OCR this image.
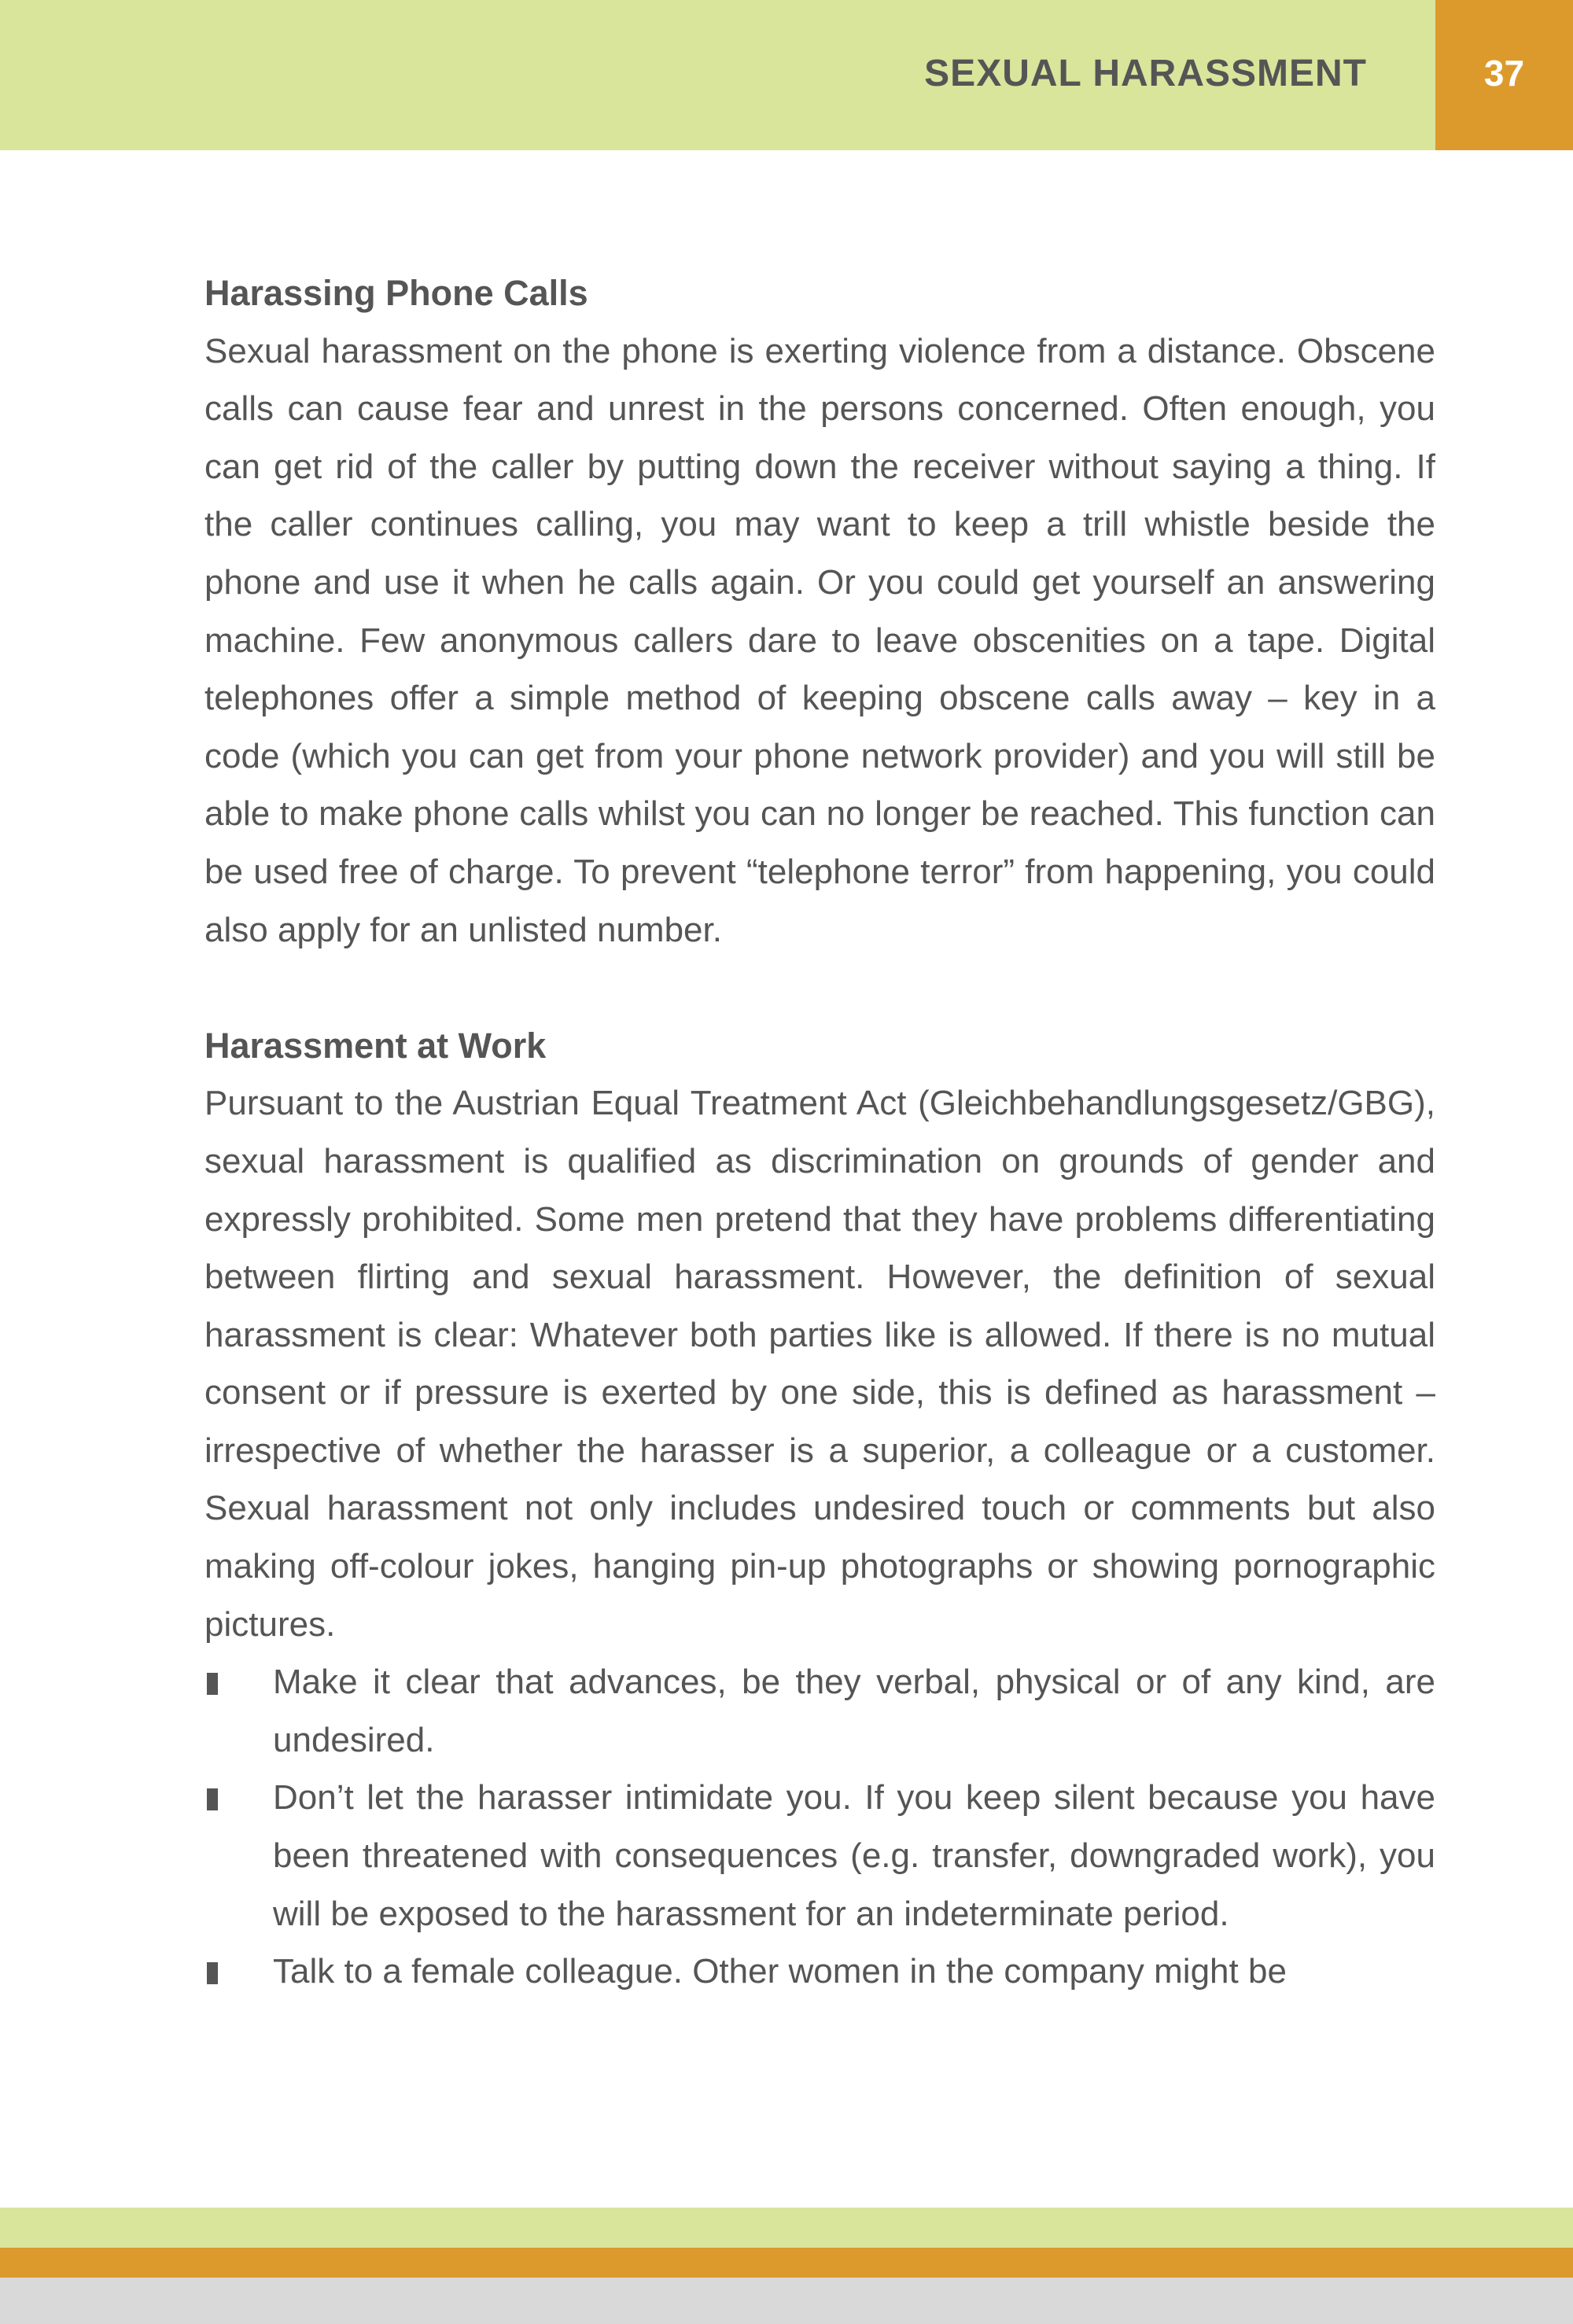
SEXUAL HARASSMENT	37
Harassing Phone Calls

Sexual harassment on the phone is exerting violence from a distance. Obscene calls can cause fear and unrest in the persons concerned. Often enough, you can get rid of the caller by putting down the receiver without saying a thing. If the caller continues calling, you may want to keep a trill whistle beside the phone and use it when he calls again. Or you could get yourself an answering machine. Few anonymous callers dare to leave obscenities on a tape. Digital telephones offer a simple method of keeping obscene calls away – key in a code (which you can get from your phone network provider) and you will still be able to make phone calls whilst you can no longer be reached. This function can be used free of charge. To prevent “telephone terror” from happening, you could also apply for an unlisted number.

Harassment at Work

Pursuant to the Austrian Equal Treatment Act (Gleichbehandlungsgesetz/GBG), sexual harassment is qualified as discrimination on grounds of gender and expressly prohibited. Some men pretend that they have problems differentiating between flirting and sexual harassment. However, the definition of sexual harassment is clear: Whatever both parties like is allowed. If there is no mutual consent or if pressure is exerted by one side, this is defined as harassment – irrespective of whether the harasser is a superior, a colleague or a customer. Sexual harassment not only includes undesired touch or comments but also making off-colour jokes, hanging pin-up photographs or showing pornographic pictures.

Make it clear that advances, be they verbal, physical or of any kind, are undesired.
Don’t let the harasser intimidate you. If you keep silent because you have been threatened with consequences (e.g. transfer, downgraded work), you will be exposed to the harassment for an indeterminate period.
Talk to a female colleague. Other women in the company might be
